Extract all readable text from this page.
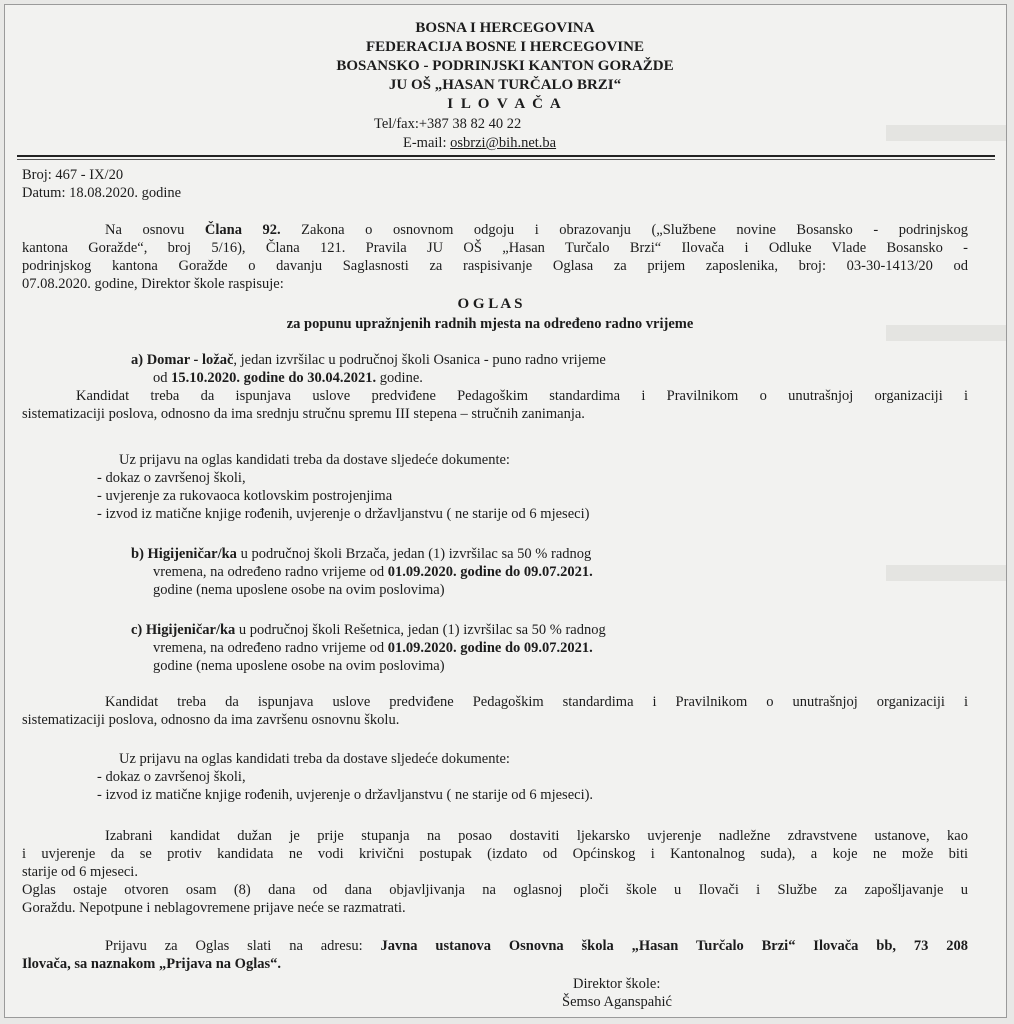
BOSNA I HERCEGOVINA
FEDERACIJA BOSNE I HERCEGOVINE
BOSANSKO - PODRINJSKI KANTON GORAŽDE
JU OŠ „HASAN TURČALO BRZI“
I L O V A Č A
Tel/fax:+387 38 82 40 22
E-mail: osbrzi@bih.net.ba
Broj: 467 - IX/20
Datum: 18.08.2020. godine
Na osnovu Člana 92. Zakona o osnovnom odgoju i obrazovanju („Službene novine Bosansko - podrinjskog
kantona Goražde“, broj 5/16), Člana 121. Pravila JU OŠ „Hasan Turčalo Brzi“ Ilovača i Odluke Vlade Bosansko -
podrinjskog kantona Goražde o davanju Saglasnosti za raspisivanje Oglasa za prijem zaposlenika, broj: 03-30-1413/20 od
07.08.2020. godine, Direktor škole raspisuje:
O G L A S
za popunu upražnjenih radnih mjesta na određeno radno vrijeme
a) Domar - ložač, jedan izvršilac u područnoj školi Osanica - puno radno vrijeme
od 15.10.2020. godine do 30.04.2021. godine.
Kandidat treba da ispunjava uslove predviđene Pedagoškim standardima i Pravilnikom o unutrašnjoj organizaciji i
sistematizaciji poslova, odnosno da ima srednju stručnu spremu III stepena – stručnih zanimanja.
Uz prijavu na oglas kandidati treba da dostave sljedeće dokumente:
- dokaz o završenoj školi,
- uvjerenje za rukovaoca kotlovskim postrojenjima
- izvod iz matične knjige rođenih, uvjerenje o državljanstvu ( ne starije od 6 mjeseci)
b) Higijeničar/ka u područnoj školi Brzača, jedan (1) izvršilac sa 50 % radnog
vremena, na određeno radno vrijeme od 01.09.2020. godine do 09.07.2021.
godine (nema uposlene osobe na ovim poslovima)
c) Higijeničar/ka u područnoj školi Rešetnica, jedan (1) izvršilac sa 50 % radnog
vremena, na određeno radno vrijeme od 01.09.2020. godine do 09.07.2021.
godine (nema uposlene osobe na ovim poslovima)
Kandidat treba da ispunjava uslove predviđene Pedagoškim standardima i Pravilnikom o unutrašnjoj organizaciji i
sistematizaciji poslova, odnosno da ima završenu osnovnu školu.
Uz prijavu na oglas kandidati treba da dostave sljedeće dokumente:
- dokaz o završenoj školi,
- izvod iz matične knjige rođenih, uvjerenje o državljanstvu ( ne starije od 6 mjeseci).
Izabrani kandidat dužan je prije stupanja na posao dostaviti ljekarsko uvjerenje nadležne zdravstvene ustanove, kao
i uvjerenje da se protiv kandidata ne vodi krivični postupak (izdato od Općinskog i Kantonalnog suda), a koje ne može biti
starije od 6 mjeseci.
Oglas ostaje otvoren osam (8) dana od dana objavljivanja na oglasnoj ploči škole u Ilovači i Službe za zapošljavanje u
Goraždu. Nepotpune i neblagovremene prijave neće se razmatrati.
Prijavu za Oglas slati na adresu: Javna ustanova Osnovna škola „Hasan Turčalo Brzi“ Ilovača bb, 73 208
Ilovača, sa naznakom „Prijava na Oglas“.
Direktor škole:
Šemso Aganspahić
